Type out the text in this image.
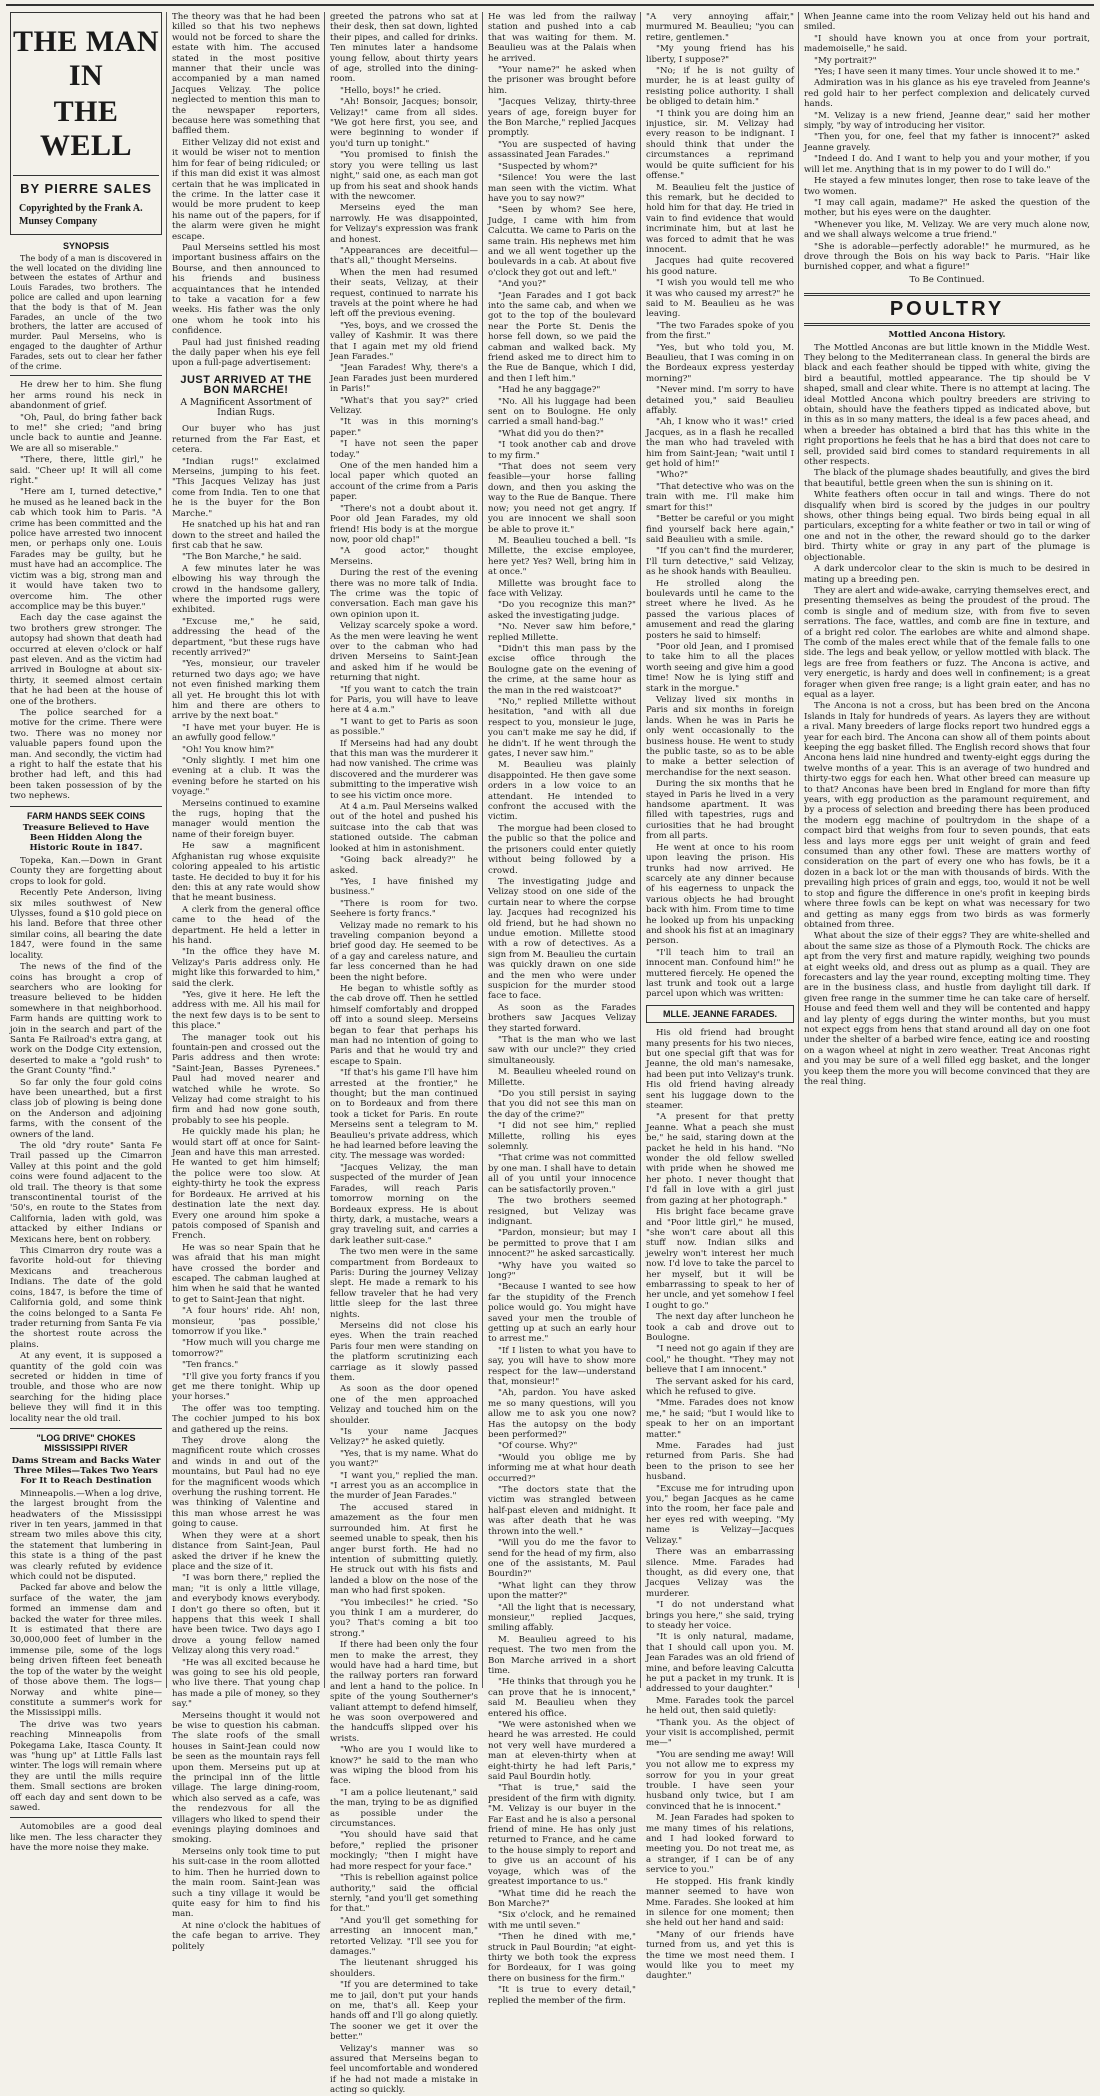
THE MAN IN
THE WELL
BY PIERRE SALES
Copyrighted by the Frank A. Munsey Company
SYNOPSIS

The body of a man is discovered in the well located on the dividing line between the estates of Arthur and Louis Farades, two brothers. The police are called and upon learning that the body is that of M. Jean Farades, an uncle of the two brothers, the latter are accused of murder. Paul Merseins, who is engaged to the daughter of Arthur Farades, sets out to clear her father of the crime.

He drew her to him. She flung her arms round his neck in abandonment of grief.

"Oh, Paul, do bring father back to me!" she cried; "and bring uncle back to auntie and Jeanne. We are all so miserable."

"There, there, little girl," he said. "Cheer up! It will all come right."

"Here am I, turned detective," he mused as he leaned back in the cab which took him to Paris. "A crime has been committed and the police have arrested two innocent men, or perhaps only one. Louis Farades may be guilty, but he must have had an accomplice. The victim was a big, strong man and it would have taken two to overcome him. The other accomplice may be this buyer."

Each day the case against the two brothers grew stronger. The autopsy had shown that death had occurred at eleven o'clock or half past eleven. And as the victim had arrived in Boulogne at about six-thirty, it seemed almost certain that he had been at the house of one of the brothers.

The police searched for a motive for the crime. There were two. There was no money nor valuable papers found upon the man. And secondly, the victim had a right to half the estate that his brother had left, and this had been taken possession of by the two nephews.

FARM HANDS SEEK COINS
Treasure Believed to Have Been Hidden Along the Historic Route in 1847.

Topeka, Kan.—Down in Grant County they are forgetting about crops to look for gold.

Recently Pete Anderson, living six miles southwest of New Ulysses, found a $10 gold piece on his land. Before that three other similar coins, all bearing the date 1847, were found in the same locality.

The news of the find of the coins has brought a crop of searchers who are looking for treasure believed to be hidden somewhere in that neighborhood. Farm hands are quitting work to join in the search and part of the Santa Fe Railroad's extra gang, at work on the Dodge City extension, deserted to make a "gold rush" to the Grant County "find."

So far only the four gold coins have been unearthed, but a first class job of plowing is being done on the Anderson and adjoining farms, with the consent of the owners of the land.

The old "dry route" Santa Fe Trail passed up the Cimarron Valley at this point and the gold coins were found adjacent to the old trail. The theory is that some transcontinental tourist of the '50's, en route to the States from California, laden with gold, was attacked by either Indians or Mexicans here, bent on robbery.

This Cimarron dry route was a favorite hold-out for thieving Mexicans and treacherous Indians. The date of the gold coins, 1847, is before the time of California gold, and some think the coins belonged to a Santa Fe trader returning from Santa Fe via the shortest route across the plains.

At any event, it is supposed a quantity of the gold coin was secreted or hidden in time of trouble, and those who are now searching for the hiding place believe they will find it in this locality near the old trail.

"LOG DRIVE" CHOKES MISSISSIPPI RIVER
Dams Stream and Backs Water Three Miles—Takes Two Years For It to Reach Destination

Minneapolis.—When a log drive, the largest brought from the headwaters of the Mississippi river in ten years, jammed in that stream two miles above this city, the statement that lumbering in this state is a thing of the past was clearly refuted by evidence which could not be disputed.

Packed far above and below the surface of the water, the jam formed an immense dam and backed the water for three miles. It is estimated that there are 30,000,000 feet of lumber in the immense pile, some of the logs being driven fifteen feet beneath the top of the water by the weight of those above them. The logs—Norway and white pine—constitute a summer's work for the Mississippi mills.

The drive was two years reaching Minneapolis from Pokegama Lake, Itasca County. It was "hung up" at Little Falls last winter. The logs will remain where they are until the mills require them. Small sections are broken off each day and sent down to be sawed.

Automobiles are a good deal like men. The less character they have the more noise they make.

The theory was that he had been killed so that his two nephews would not be forced to share the estate with him. The accused stated in the most positive manner that their uncle was accompanied by a man named Jacques Velizay. The police neglected to mention this man to the newspaper reporters, because here was something that baffled them.

Either Velizay did not exist and it would be wiser not to mention him for fear of being ridiculed; or if this man did exist it was almost certain that he was implicated in the crime. In the latter case it would be more prudent to keep his name out of the papers, for if the alarm were given he might escape.

Paul Merseins settled his most important business affairs on the Bourse, and then announced to his friends and business acquaintances that he intended to take a vacation for a few weeks. His father was the only one whom he took into his confidence.

Paul had just finished reading the daily paper when his eye fell upon a full-page advertisement:

JUST ARRIVED AT THE BON MARCHE!
A Magnificent Assortment of Indian Rugs.

Our buyer who has just returned from the Far East, et cetera.

"Indian rugs!" exclaimed Merseins, jumping to his feet. "This Jacques Velizay has just come from India. Ten to one that he is the buyer for the Bon Marche."

He snatched up his hat and ran down to the street and hailed the first cab that he saw.

"The Bon Marche," he said.

A few minutes later he was elbowing his way through the crowd in the handsome gallery, where the imported rugs were exhibited.

"Excuse me," he said, addressing the head of the department, "but these rugs have recently arrived?"

"Yes, monsieur, our traveler returned two days ago; we have not even finished marking them all yet. He brought this lot with him and there are others to arrive by the next boat."

"I have met your buyer. He is an awfully good fellow."

"Oh! You know him?"

"Only slightly. I met him one evening at a club. It was the evening before he started on his voyage."

Merseins continued to examine the rugs, hoping that the manager would mention the name of their foreign buyer.

He saw a magnificent Afghanistan rug whose exquisite coloring appealed to his artistic taste. He decided to buy it for his den: this at any rate would show that he meant business.

A clerk from the general office came to the head of the department. He held a letter in his hand.

"In the office they have M. Velizay's Paris address only. He might like this forwarded to him," said the clerk.

"Yes, give it here. He left the address with me. All his mail for the next few days is to be sent to this place."

The manager took out his fountain-pen and crossed out the Paris address and then wrote: "Saint-Jean, Basses Pyrenees." Paul had moved nearer and watched while he wrote. So Velizay had come straight to his firm and had now gone south, probably to see his people.

He quickly made his plan; he would start off at once for Saint-Jean and have this man arrested. He wanted to get him himself; the police were too slow. At eighty-thirty he took the express for Bordeaux. He arrived at his destination late the next day. Every one around him spoke a patois composed of Spanish and French.

He was so near Spain that he was afraid that his man might have crossed the border and escaped. The cabman laughed at him when he said that he wanted to get to Saint-Jean that night.

"A four hours' ride. Ah! non, monsieur, 'pas possible,' tomorrow if you like."

"How much will you charge me tomorrow?"

"Ten francs."

"I'll give you forty francs if you get me there tonight. Whip up your horses."

The offer was too tempting. The cochier jumped to his box and gathered up the reins.

They drove along the magnificent route which crosses and winds in and out of the mountains, but Paul had no eye for the magnificent woods which overhung the rushing torrent. He was thinking of Valentine and this man whose arrest he was going to cause.

When they were at a short distance from Saint-Jean, Paul asked the driver if he knew the place and the size of it.

"I was born there," replied the man; "it is only a little village, and everybody knows everybody. I don't go there so often, but it happens that this week I shall have been twice. Two days ago I drove a young fellow named Velizay along this very road."

"He was all excited because he was going to see his old people, who live there. That young chap has made a pile of money, so they say."

Merseins thought it would not be wise to question his cabman. The slate roofs of the small houses in Saint-Jean could now be seen as the mountain rays fell upon them. Merseins put up at the principal inn of the little village. The large dining-room, which also served as a cafe, was the rendezvous for all the villagers who liked to spend their evenings playing dominoes and smoking.

Merseins only took time to put his suit-case in the room allotted to him. Then he hurried down to the main room. Saint-Jean was such a tiny village it would be quite easy for him to find his man.

At nine o'clock the habitues of the cafe began to arrive. They politely

greeted the patrons who sat at their desk, then sat down, lighted their pipes, and called for drinks. Ten minutes later a handsome young fellow, about thirty years of age, strolled into the dining-room.

"Hello, boys!" he cried.

"Ah! Bonsoir, Jacques; bonsoir, Velizay!" came from all sides. "We got here first, you see, and were beginning to wonder if you'd turn up tonight."

"You promised to finish the story you were telling us last night," said one, as each man got up from his seat and shook hands with the newcomer.

Merseins eyed the man narrowly. He was disappointed, for Velizay's expression was frank and honest.

"Appearances are deceitful—that's all," thought Merseins.

When the men had resumed their seats, Velizay, at their request, continued to narrate his travels at the point where he had left off the previous evening.

"Yes, boys, and we crossed the valley of Kashmir. It was there that I again met my old friend Jean Farades."

"Jean Farades! Why, there's a Jean Farades just been murdered in Paris!"

"What's that you say?" cried Velizay.

"It was in this morning's paper."

"I have not seen the paper today."

One of the men handed him a local paper which quoted an account of the crime from a Paris paper.

"There's not a doubt about it. Poor old Jean Farades, my old friend! His body is at the morgue now, poor old chap!"

"A good actor," thought Merseins.

During the rest of the evening there was no more talk of India. The crime was the topic of conversation. Each man gave his own opinion upon it.

Velizay scarcely spoke a word. As the men were leaving he went over to the cabman who had driven Merseins to Saint-Jean and asked him if he would be returning that night.

"If you want to catch the train for Paris, you will have to leave here at 4 a.m."

"I want to get to Paris as soon as possible."

If Merseins had had any doubt that this man was the murderer it had now vanished. The crime was discovered and the murderer was submitting to the imperative wish to see his victim once more.

At 4 a.m. Paul Merseins walked out of the hotel and pushed his suitcase into the cab that was stationed outside. The cabman looked at him in astonishment.

"Going back already?" he asked.

"Yes, I have finished my business."

"There is room for two. Seehere is forty francs."

Velizay made no remark to his traveling companion beyond a brief good day. He seemed to be of a gay and careless nature, and far less concerned than he had been the night before.

He began to whistle softly as the cab drove off. Then he settled himself comfortably and dropped off into a sound sleep. Merseins began to fear that perhaps his man had no intention of going to Paris and that he would try and escape to Spain.

"If that's his game I'll have him arrested at the frontier," he thought; but the man continued on to Bordeaux and from there took a ticket for Paris. En route Merseins sent a telegram to M. Beaulieu's private address, which he had learned before leaving the city. The message was worded:

"Jacques Velizay, the man suspected of the murder of Jean Farades, will reach Paris tomorrow morning on the Bordeaux express. He is about thirty, dark, a mustache, wears a gray traveling suit, and carries a dark leather suit-case."

The two men were in the same compartment from Bordeaux to Paris: During the journey Velizay slept. He made a remark to his fellow traveler that he had very little sleep for the last three nights.

Merseins did not close his eyes. When the train reached Paris four men were standing on the platform scrutinizing each carriage as it slowly passed them.

As soon as the door opened one of the men approached Velizay and touched him on the shoulder.

"Is your name Jacques Velizay?" he asked quietly.

"Yes, that is my name. What do you want?"

"I want you," replied the man. "I arrest you as an accomplice in the murder of Jean Farades."

The accused stared in amazement as the four men surrounded him. At first he seemed unable to speak, then his anger burst forth. He had no intention of submitting quietly. He struck out with his fists and landed a blow on the nose of the man who had first spoken.

"You imbeciles!" he cried. "So you think I am a murderer, do you? That's coming a bit too strong."

If there had been only the four men to make the arrest, they would have had a hard time, but the railway porters ran forward and lent a hand to the police. In spite of the young Southerner's valiant attempt to defend himself, he was soon overpowered and the handcuffs slipped over his wrists.

"Who are you I would like to know?" he said to the man who was wiping the blood from his face.

"I am a police lieutenant," said the man, trying to be as dignified as possible under the circumstances.

"You should have said that before," replied the prisoner mockingly; "then I might have had more respect for your face."

"This is rebellion against police authority," said the official sternly, "and you'll get something for that."

"And you'll get something for arresting an innocent man," retorted Velizay. "I'll see you for damages."

The lieutenant shrugged his shoulders.

"If you are determined to take me to jail, don't put your hands on me, that's all. Keep your hands off and I'll go along quietly. The sooner we get it over the better."

Velizay's manner was so assured that Merseins began to feel uncomfortable and wondered if he had not made a mistake in acting so quickly.

He was led from the railway station and pushed into a cab that was waiting for them. M. Beaulieu was at the Palais when he arrived.

"Your name?" he asked when the prisoner was brought before him.

"Jacques Velizay, thirty-three years of age, foreign buyer for the Bon Marche," replied Jacques promptly.

"You are suspected of having assassinated Jean Farades."

"Suspected by whom?"

"Silence! You were the last man seen with the victim. What have you to say now?"

"Seen by whom? See here, Judge, I came with him from Calcutta. We came to Paris on the same train. His nephews met him and we all went together up the boulevards in a cab. At about five o'clock they got out and left."

"And you?"

"Jean Farades and I got back into the same cab, and when we got to the top of the boulevard near the Porte St. Denis the horse fell down, so we paid the cabman and walked back. My friend asked me to direct him to the Rue de Banque, which I did, and then I left him."

"Had he any baggage?"

"No. All his luggage had been sent on to Boulogne. He only carried a small hand-bag."

"What did you do then?"

"I took another cab and drove to my firm."

"That does not seem very feasible—your horse falling down, and then you asking the way to the Rue de Banque. There now; you need not get angry. If you are innocent we shall soon be able to prove it."

M. Beaulieu touched a bell. "Is Millette, the excise employee, here yet? Yes? Well, bring him in at once."

Millette was brought face to face with Velizay.

"Do you recognize this man?" asked the investigating judge.

"No. Never saw him before," replied Millette.

"Didn't this man pass by the excise office through the Boulogne gate on the evening of the crime, at the same hour as the man in the red waistcoat?"

"No," replied Millette without hesitation, "and with all due respect to you, monsieur le juge, you can't make me say he did, if he didn't. If he went through the gates, I never saw him."

M. Beaulieu was plainly disappointed. He then gave some orders in a low voice to an attendant. He intended to confront the accused with the victim.

The morgue had been closed to the public so that the police and the prisoners could enter quietly without being followed by a crowd.

The investigating judge and Velizay stood on one side of the curtain near to where the corpse lay. Jacques had recognized his old friend, but he had shown no undue emotion. Millette stood with a row of detectives. As a sign from M. Beaulieu the curtain was quickly drawn on one side and the men who were under suspicion for the murder stood face to face.

As soon as the Farades brothers saw Jacques Velizay they started forward.

"That is the man who we last saw with our uncle?" they cried simultaneously.

M. Beaulieu wheeled round on Millette.

"Do you still persist in saying that you did not see this man on the day of the crime?"

"I did not see him," replied Millette, rolling his eyes solemnly.

"That crime was not committed by one man. I shall have to detain all of you until your innocence can be satisfactorily proven."

The two brothers seemed resigned, but Velizay was indignant.

"Pardon, monsieur; but may I be permitted to prove that I am innocent?" he asked sarcastically.

"Why have you waited so long?"

"Because I wanted to see how far the stupidity of the French police would go. You might have saved your men the trouble of getting up at such an early hour to arrest me."

"If I listen to what you have to say, you will have to show more respect for the law—understand that, monsieur!"

"Ah, pardon. You have asked me so many questions, will you allow me to ask you one now? Has the autopsy on the body been performed?"

"Of course. Why?"

"Would you oblige me by informing me at what hour death occurred?"

"The doctors state that the victim was strangled between half-past eleven and midnight. It was after death that he was thrown into the well."

"Will you do me the favor to send for the head of my firm, also one of the assistants, M. Paul Bourdin?"

"What light can they throw upon the matter?"

"All the light that is necessary, monsieur," replied Jacques, smiling affably.

M. Beaulieu agreed to his request. The two men from the Bon Marche arrived in a short time.

"He thinks that through you he can prove that he is innocent," said M. Beaulieu when they entered his office.

"We were astonished when we heard he was arrested. He could not very well have murdered a man at eleven-thirty when at eight-thirty he had left Paris," said Paul Bourdin hotly.

"That is true," said the president of the firm with dignity. "M. Velizay is our buyer in the Far East and he is also a personal friend of mine. He has only just returned to France, and he came to the house simply to report and to give us an account of his voyage, which was of the greatest importance to us."

"What time did he reach the Bon Marche?"

"Six o'clock, and he remained with me until seven."

"Then he dined with me," struck in Paul Bourdin; "at eight-thirty we both took the express for Bordeaux, for I was going there on business for the firm."

"It is true to every detail," replied the member of the firm.

"A very annoying affair," murmured M. Beaulieu; "you can retire, gentlemen."

"My young friend has his liberty, I suppose?"

"No; if he is not guilty of murder, he is at least guilty of resisting police authority. I shall be obliged to detain him."

"I think you are doing him an injustice, sir. M. Velizay had every reason to be indignant. I should think that under the circumstances a reprimand would be quite sufficient for his offense."

M. Beaulieu felt the justice of this remark, but he decided to hold him for that day. He tried in vain to find evidence that would incriminate him, but at last he was forced to admit that he was innocent.

Jacques had quite recovered his good nature.

"I wish you would tell me who it was who caused my arrest?" he said to M. Beaulieu as he was leaving.

"The two Farades spoke of you from the first."

"Yes, but who told you, M. Beaulieu, that I was coming in on the Bordeaux express yesterday morning?"

"Never mind. I'm sorry to have detained you," said Beaulieu affably.

"Ah, I know who it was!" cried Jacques, as in a flash he recalled the man who had traveled with him from Saint-Jean; "wait until I get hold of him!"

"Who?"

"That detective who was on the train with me. I'll make him smart for this!"

"Better be careful or you might find yourself back here again," said Beaulieu with a smile.

"If you can't find the murderer, I'll turn detective," said Velizay, as he shook hands with Beaulieu.

He strolled along the boulevards until he came to the street where he lived. As he passed the various places of amusement and read the glaring posters he said to himself:

"Poor old Jean, and I promised to take him to all the places worth seeing and give him a good time! Now he is lying stiff and stark in the morgue."

Velizay lived six months in Paris and six months in foreign lands. When he was in Paris he only went occasionally to the business house. He went to study the public taste, so as to be able to make a better selection of merchandise for the next season.

During the six months that he stayed in Paris he lived in a very handsome apartment. It was filled with tapestries, rugs and curiosities that he had brought from all parts.

He went at once to his room upon leaving the prison. His trunks had now arrived. He scarcely ate any dinner because of his eagerness to unpack the various objects he had brought back with him. From time to time he looked up from his unpacking and shook his fist at an imaginary person.

"I'll teach him to trail an innocent man. Confound him!" he muttered fiercely. He opened the last trunk and took out a large parcel upon which was written:

MLLE. JEANNE FARADES.

His old friend had brought many presents for his two nieces, but one special gift that was for Jeanne, the old man's namesake, had been put into Velizay's trunk. His old friend having already sent his luggage down to the steamer.

"A present for that pretty Jeanne. What a peach she must be," he said, staring down at the packet he held in his hand. "No wonder the old fellow swelled with pride when he showed me her photo. I never thought that I'd fall in love with a girl just from gazing at her photograph."

His bright face became grave and "Poor little girl," he mused, "she won't care about all this stuff now. Indian silks and jewelry won't interest her much now. I'd love to take the parcel to her myself, but it will be embarrassing to speak to her of her uncle, and yet somehow I feel I ought to go."

The next day after luncheon he took a cab and drove out to Boulogne.

"I need not go again if they are cool," he thought. "They may not believe that I am innocent."

The servant asked for his card, which he refused to give.

"Mme. Farades does not know me," he said; "but I would like to speak to her on an important matter."

Mme. Farades had just returned from Paris. She had been to the prison to see her husband.

"Excuse me for intruding upon you," began Jacques as he came into the room, her face pale and her eyes red with weeping. "My name is Velizay—Jacques Velizay."

There was an embarrassing silence. Mme. Farades had thought, as did every one, that Jacques Velizay was the murderer.

"I do not understand what brings you here," she said, trying to steady her voice.

"It is only natural, madame, that I should call upon you. M. Jean Farades was an old friend of mine, and before leaving Calcutta he put a packet in my trunk. It is addressed to your daughter."

Mme. Farades took the parcel he held out, then said quietly:

"Thank you. As the object of your visit is accomplished, permit me—"

"You are sending me away! Will you not allow me to express my sorrow for you in your great trouble. I have seen your husband only twice, but I am convinced that he is innocent."

M. Jean Farades had spoken to me many times of his relations, and I had looked forward to meeting you. Do not treat me, as a stranger, if I can be of any service to you."

He stopped. His frank kindly manner seemed to have won Mme. Farades. She looked at him in silence for one moment; then she held out her hand and said:

"Many of our friends have turned from us, and yet this is the time we most need them. I would like you to meet my daughter."

When Jeanne came into the room Velizay held out his hand and smiled.

"I should have known you at once from your portrait, mademoiselle," he said.

"My portrait?"

"Yes; I have seen it many times. Your uncle showed it to me."

Admiration was in his glance as his eye traveled from Jeanne's red gold hair to her perfect complexion and delicately curved hands.

"M. Velizay is a new friend, Jeanne dear," said her mother simply, "by way of introducing her visitor.

"Then you, for one, feel that my father is innocent?" asked Jeanne gravely.

"Indeed I do. And I want to help you and your mother, if you will let me. Anything that is in my power to do I will do."

He stayed a few minutes longer, then rose to take leave of the two women.

"I may call again, madame?" He asked the question of the mother, but his eyes were on the daughter.

"Whenever you like, M. Velizay. We are very much alone now, and we shall always welcome a true friend."

"She is adorable—perfectly adorable!" he murmured, as he drove through the Bois on his way back to Paris. "Hair like burnished copper, and what a figure!"

To Be Continued.
POULTRY
Mottled Ancona History.

The Mottled Anconas are but little known in the Middle West. They belong to the Mediterranean class. In general the birds are black and each feather should be tipped with white, giving the bird a beautiful, mottled appearance. The tip should be V shaped, small and clear white. There is no attempt at lacing. The ideal Mottled Ancona which poultry breeders are striving to obtain, should have the feathers tipped as indicated above, but in this as in so many matters, the ideal is a few paces ahead, and when a breeder has obtained a bird that has this white in the right proportions he feels that he has a bird that does not care to sell, provided said bird comes to standard requirements in all other respects.

The black of the plumage shades beautifully, and gives the bird that beautiful, bettle green when the sun is shining on it.

White feathers often occur in tail and wings. There do not disqualify when bird is scored by the judges in our poultry shows, other things being equal. Two birds being equal in all particulars, excepting for a white feather or two in tail or wing of one and not in the other, the reward should go to the darker bird. Thirty white or gray in any part of the plumage is objectionable.

A dark undercolor clear to the skin is much to be desired in mating up a breeding pen.

They are alert and wide-awake, carrying themselves erect, and presenting themselves as being the proudest of the proud. The comb is single and of medium size, with from five to seven serrations. The face, wattles, and comb are fine in texture, and of a bright red color. The earlobes are white and almond shape. The comb of the males erect while that of the female falls to one side. The legs and beak yellow, or yellow mottled with black. The legs are free from feathers or fuzz. The Ancona is active, and very energetic, is hardy and does well in confinement; is a great forager when given free range; is a light grain eater, and has no equal as a layer.

The Ancona is not a cross, but has been bred on the Ancona Islands in Italy for hundreds of years. As layers they are without a rival. Many breeders of large flocks report two hundred eggs a year for each bird. The Ancona can show all of them points about keeping the egg basket filled. The English record shows that four Ancona hens laid nine hundred and twenty-eight eggs during the twelve months of a year. This is an average of two hundred and thirty-two eggs for each hen. What other breed can measure up to that? Anconas have been bred in England for more than fifty years, with egg production as the paramount requirement, and by a process of selection and breeding there has been produced the modern egg machine of poultrydom in the shape of a compact bird that weighs from four to seven pounds, that eats less and lays more eggs per unit weight of grain and feed consumed than any other fowl. These are matters worthy of consideration on the part of every one who has fowls, be it a dozen in a back lot or the man with thousands of birds. With the prevailing high prices of grain and eggs, too, would it not be well to stop and figure the difference in one's profit in keeping birds where three fowls can be kept on what was necessary for two and getting as many eggs from two birds as was formerly obtained from three.

What about the size of their eggs? They are white-shelled and about the same size as those of a Plymouth Rock. The chicks are apt from the very first and mature rapidly, weighing two pounds at eight weeks old, and dress out as plump as a quail. They are forecasters and lay the year round, excepting molting time. They are in the business class, and hustle from daylight till dark. If given free range in the summer time he can take care of herself. House and feed them well and they will be contented and happy and lay plenty of eggs during the winter months, but you must not expect eggs from hens that stand around all day on one foot under the shelter of a barbed wire fence, eating ice and roosting on a wagon wheel at night in zero weather. Treat Anconas right and you may be sure of a well filled egg basket, and the longer you keep them the more you will become convinced that they are the real thing.
